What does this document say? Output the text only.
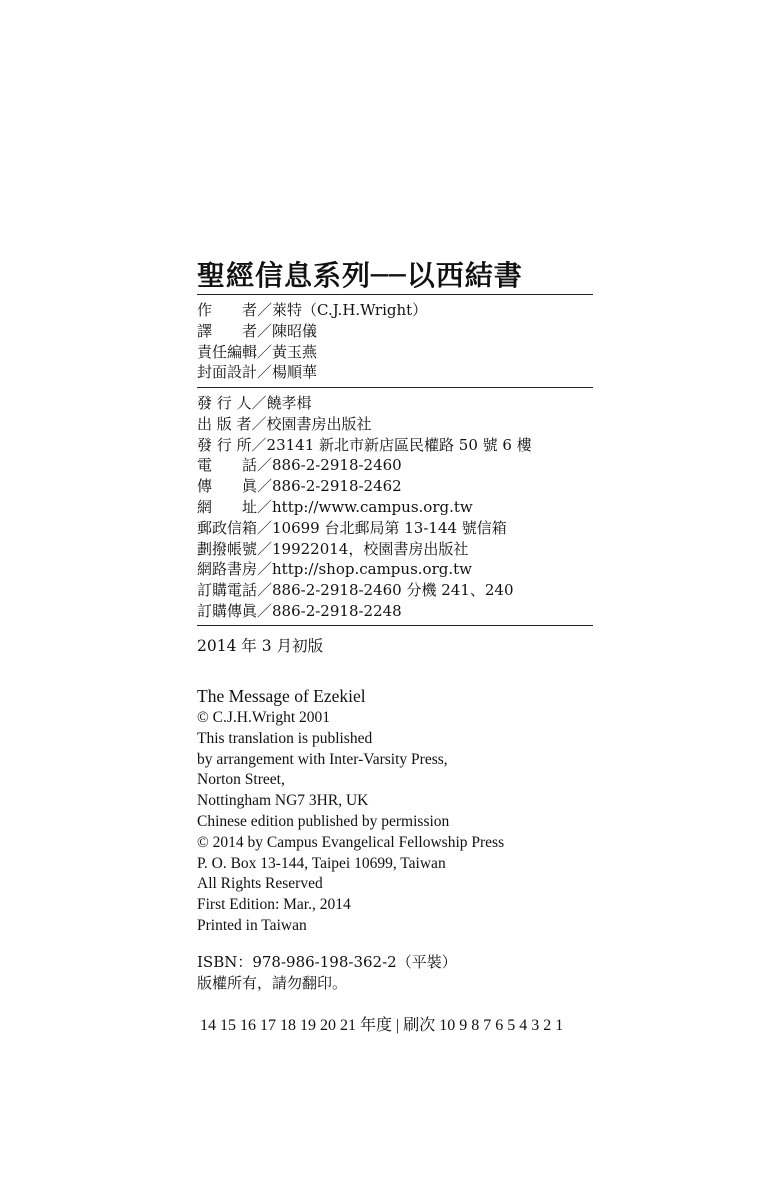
聖經信息系列──以西結書
作　　者／萊特（C.J.H.Wright）
譯　　者／陳昭儀
責任編輯／黃玉燕
封面設計／楊順華
發 行 人／饒孝楫
出 版 者／校園書房出版社
發 行 所／23141 新北市新店區民權路 50 號 6 樓
電　　話／886-2-2918-2460
傳　　眞／886-2-2918-2462
網　　址／http://www.campus.org.tw
郵政信箱／10699 台北郵局第 13-144 號信箱
劃撥帳號／19922014，校園書房出版社
網路書房／http://shop.campus.org.tw
訂購電話／886-2-2918-2460 分機 241、240
訂購傳眞／886-2-2918-2248
2014 年 3 月初版
The Message of Ezekiel
© C.J.H.Wright 2001
This translation is published
by arrangement with Inter-Varsity Press,
Norton Street,
Nottingham NG7 3HR, UK
Chinese edition published by permission
© 2014 by Campus Evangelical Fellowship Press
P. O. Box 13-144, Taipei 10699, Taiwan
All Rights Reserved
First Edition: Mar., 2014
Printed in Taiwan
ISBN：978-986-198-362-2（平裝）
版權所有，請勿翻印。
14 15 16 17 18 19 20 21 年度 | 刷次 10 9 8 7 6 5 4 3 2 1
